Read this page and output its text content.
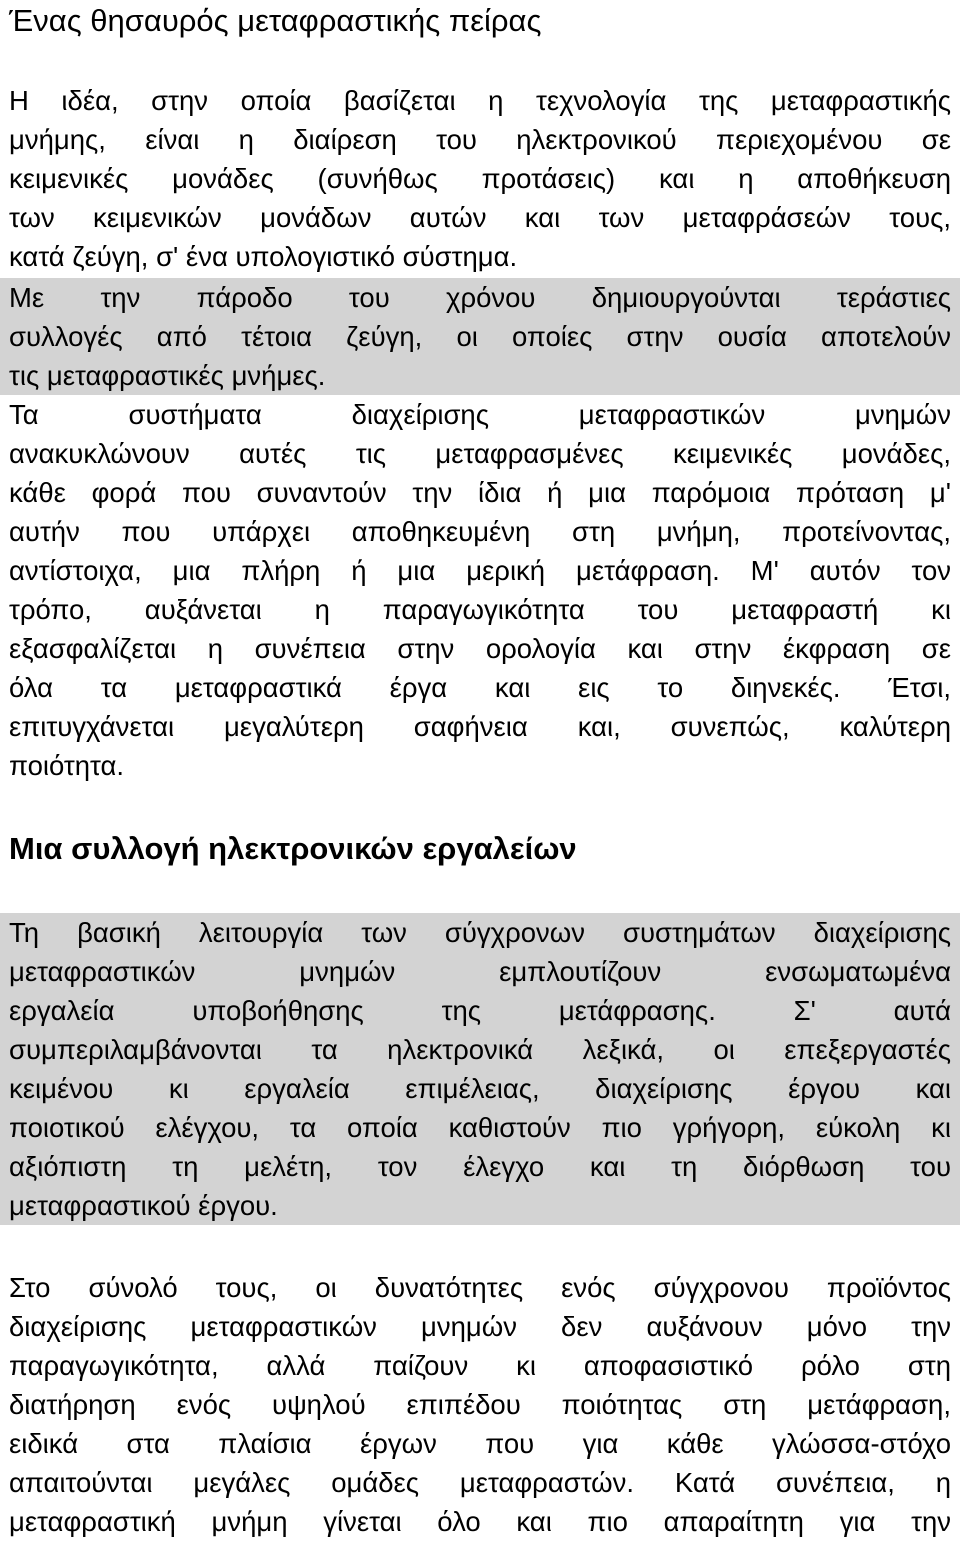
Ένας θησαυρός μεταφραστικής πείρας
Η ιδέα, στην οποία βασίζεται η τεχνολογία της μεταφραστικής
μνήμης, είναι η διαίρεση του ηλεκτρονικού περιεχομένου σε
κειμενικές μονάδες (συνήθως προτάσεις) και η αποθήκευση
των κειμενικών μονάδων αυτών και των μεταφράσεών τους,
κατά ζεύγη, σ' ένα υπολογιστικό σύστημα.
Με την πάροδο του χρόνου δημιουργούνται τεράστιες
συλλογές από τέτοια ζεύγη, οι οποίες στην ουσία αποτελούν
τις μεταφραστικές μνήμες.
Τα συστήματα διαχείρισης μεταφραστικών μνημών
ανακυκλώνουν αυτές τις μεταφρασμένες κειμενικές μονάδες,
κάθε φορά που συναντούν την ίδια ή μια παρόμοια πρόταση μ'
αυτήν που υπάρχει αποθηκευμένη στη μνήμη, προτείνοντας,
αντίστοιχα, μια πλήρη ή μια μερική μετάφραση. Μ' αυτόν τον
τρόπο, αυξάνεται η παραγωγικότητα του μεταφραστή κι
εξασφαλίζεται η συνέπεια στην ορολογία και στην έκφραση σε
όλα τα μεταφραστικά έργα και εις το διηνεκές. Έτσι,
επιτυγχάνεται μεγαλύτερη σαφήνεια και, συνεπώς, καλύτερη
ποιότητα.
Μια συλλογή ηλεκτρονικών εργαλείων
Τη βασική λειτουργία των σύγχρονων συστημάτων διαχείρισης
μεταφραστικών μνημών εμπλουτίζουν ενσωματωμένα
εργαλεία υποβοήθησης της μετάφρασης. Σ' αυτά
συμπεριλαμβάνονται τα ηλεκτρονικά λεξικά, οι επεξεργαστές
κειμένου κι εργαλεία επιμέλειας, διαχείρισης έργου και
ποιοτικού ελέγχου, τα οποία καθιστούν πιο γρήγορη, εύκολη κι
αξιόπιστη τη μελέτη, τον έλεγχο και τη διόρθωση του
μεταφραστικού έργου.
Στο σύνολό τους, οι δυνατότητες ενός σύγχρονου προϊόντος
διαχείρισης μεταφραστικών μνημών δεν αυξάνουν μόνο την
παραγωγικότητα, αλλά παίζουν κι αποφασιστικό ρόλο στη
διατήρηση ενός υψηλού επιπέδου ποιότητας στη μετάφραση,
ειδικά στα πλαίσια έργων που για κάθε γλώσσα-στόχο
απαιτούνται μεγάλες ομάδες μεταφραστών. Κατά συνέπεια, η
μεταφραστική μνήμη γίνεται όλο και πιο απαραίτητη για την
